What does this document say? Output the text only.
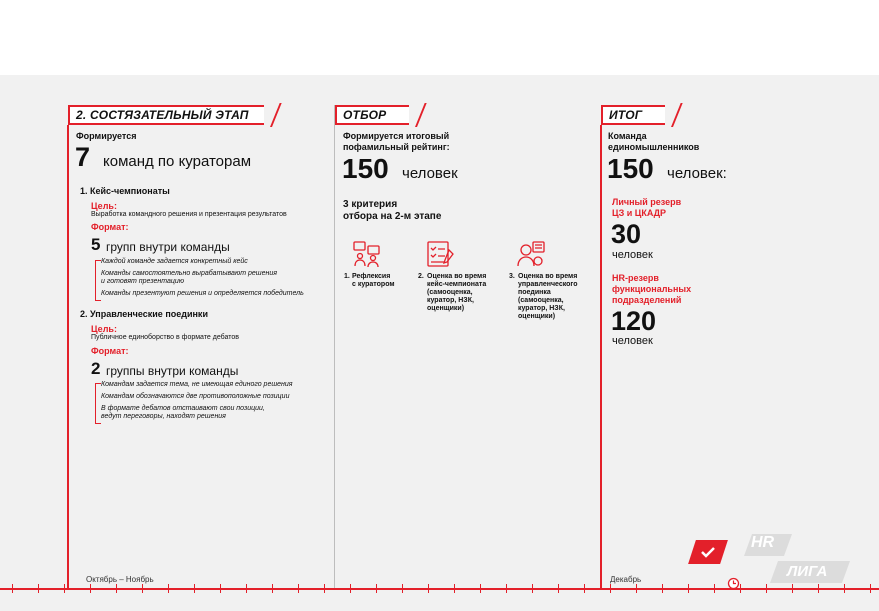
2. СОСТЯЗАТЕЛЬНЫЙ ЭТАП
Формируется
7 команд по кураторам
1. Кейс-чемпионаты
Цель:
Выработка командного решения и презентация результатов
Формат:
5 групп внутри команды
Каждой команде задается конкретный кейс
Команды самостоятельно вырабатывают решения
и готовят презентацию
Команды презентуют решения и определяется победитель
2. Управленческие поединки
Цель:
Публичное единоборство в формате дебатов
Формат:
2 группы внутри команды
Командам задается тема, не имеющая единого решения
Командам обозначаются две противоположные позиции
В формате дебатов отстаивают свои позиции,
ведут переговоры, находят решения
Октябрь – Ноябрь
ОТБОР
Формируется итоговый
пофамильный рейтинг:
150 человек
3 критерия
отбора на 2-м этапе
1. Рефлексия
с куратором
2. Оценка во время
кейс-чемпионата
(самооценка,
куратор, НЗК,
оценщики)
3. Оценка во время
управленческого
поединка
(самооценка,
куратор, НЗК,
оценщики)
ИТОГ
Команда
единомышленников
150 человек:
Личный резерв
ЦЗ и ЦКАДР
30
человек
HR-резерв
функциональных
подразделений
120
человек
Декабрь
HR
ЛИГА
